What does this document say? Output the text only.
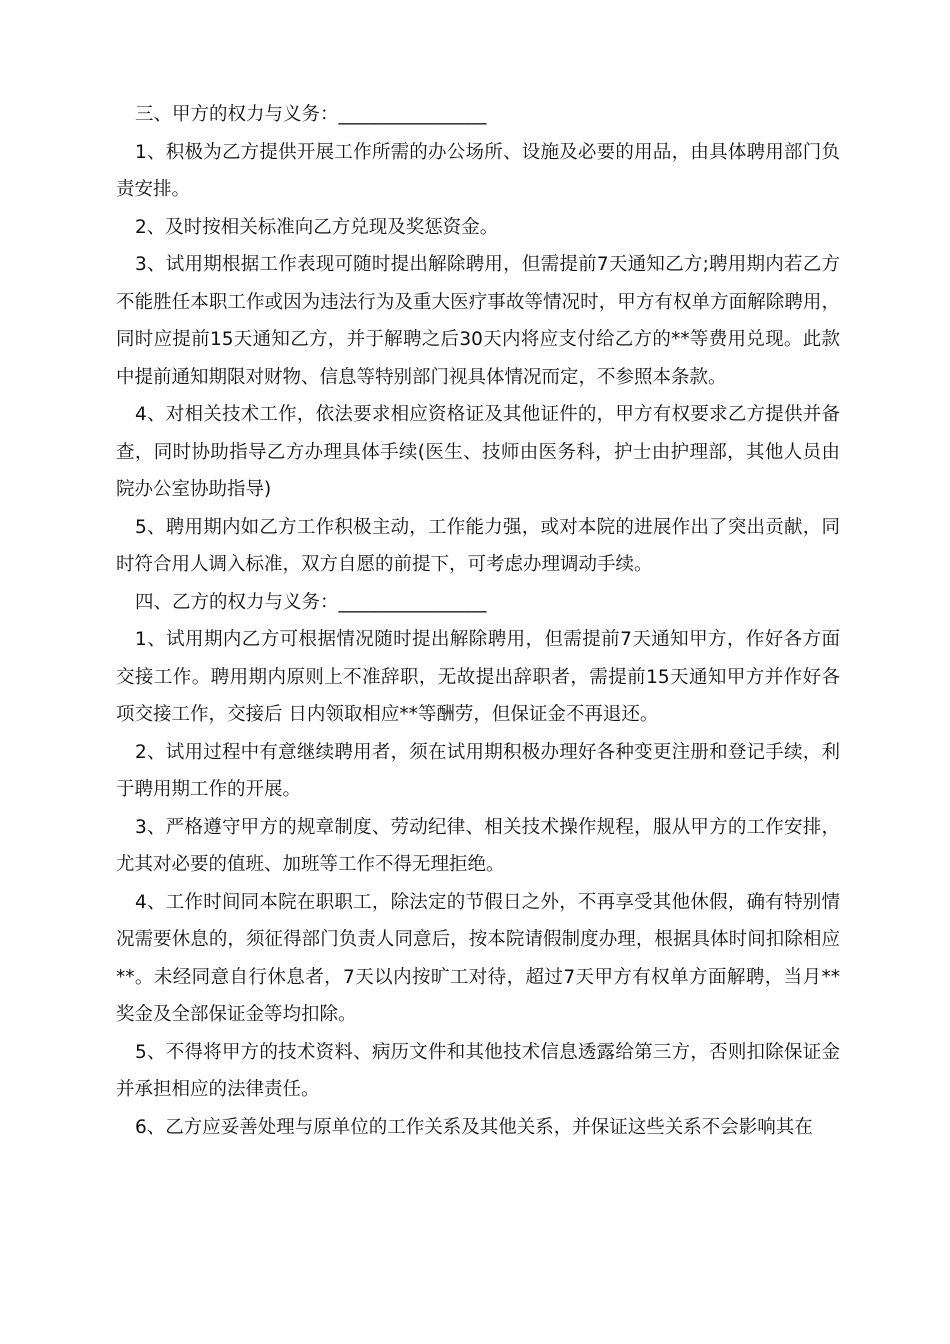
三、甲方的权力与义务：________________

1、积极为乙方提供开展工作所需的办公场所、设施及必要的用品，由具体聘用部门负责安排。

2、及时按相关标准向乙方兑现及奖惩资金。

3、试用期根据工作表现可随时提出解除聘用，但需提前7天通知乙方;聘用期内若乙方不能胜任本职工作或因为违法行为及重大医疗事故等情况时，甲方有权单方面解除聘用，同时应提前15天通知乙方，并于解聘之后30天内将应支付给乙方的**等费用兑现。此款中提前通知期限对财物、信息等特别部门视具体情况而定，不参照本条款。

4、对相关技术工作，依法要求相应资格证及其他证件的，甲方有权要求乙方提供并备查，同时协助指导乙方办理具体手续(医生、技师由医务科，护士由护理部，其他人员由院办公室协助指导)

5、聘用期内如乙方工作积极主动，工作能力强，或对本院的进展作出了突出贡献，同时符合用人调入标准，双方自愿的前提下，可考虑办理调动手续。

四、乙方的权力与义务：________________

1、试用期内乙方可根据情况随时提出解除聘用，但需提前7天通知甲方，作好各方面交接工作。聘用期内原则上不准辞职，无故提出辞职者，需提前15天通知甲方并作好各项交接工作，交接后 日内领取相应**等酬劳，但保证金不再退还。

2、试用过程中有意继续聘用者，须在试用期积极办理好各种变更注册和登记手续，利于聘用期工作的开展。

3、严格遵守甲方的规章制度、劳动纪律、相关技术操作规程，服从甲方的工作安排，尤其对必要的值班、加班等工作不得无理拒绝。

4、工作时间同本院在职职工，除法定的节假日之外，不再享受其他休假，确有特别情况需要休息的，须征得部门负责人同意后，按本院请假制度办理，根据具体时间扣除相应**。未经同意自行休息者，7天以内按旷工对待，超过7天甲方有权单方面解聘，当月**奖金及全部保证金等均扣除。

5、不得将甲方的技术资料、病历文件和其他技术信息透露给第三方，否则扣除保证金并承担相应的法律责任。

6、乙方应妥善处理与原单位的工作关系及其他关系，并保证这些关系不会影响其在
